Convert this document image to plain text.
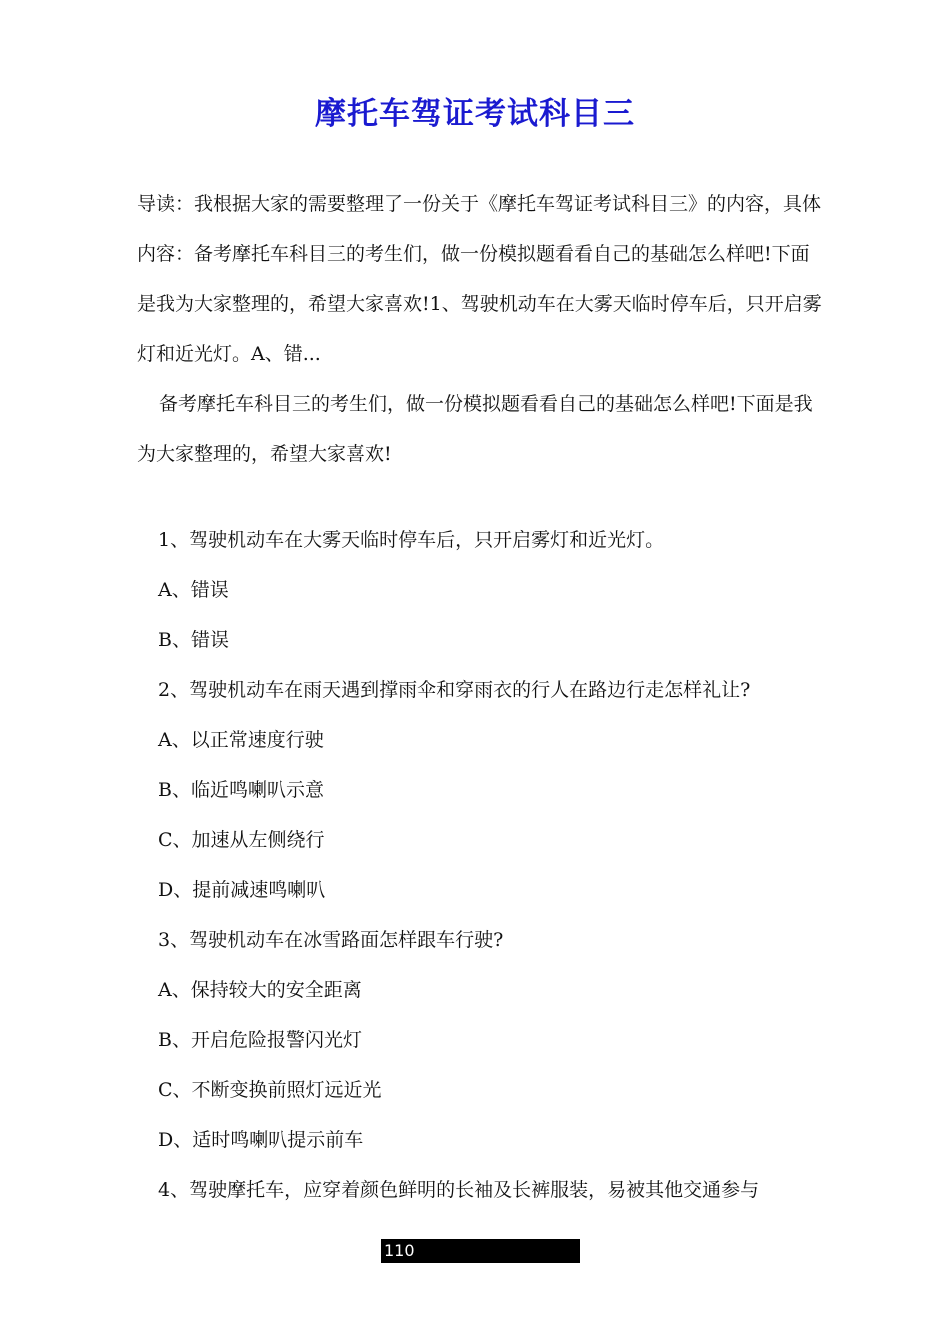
摩托车驾证考试科目三

导读：我根据大家的需要整理了一份关于《摩托车驾证考试科目三》的内容，具体内容：备考摩托车科目三的考生们，做一份模拟题看看自己的基础怎么样吧!下面是我为大家整理的，希望大家喜欢!1、驾驶机动车在大雾天临时停车后，只开启雾灯和近光灯。A、错...

备考摩托车科目三的考生们，做一份模拟题看看自己的基础怎么样吧!下面是我为大家整理的，希望大家喜欢!

1、驾驶机动车在大雾天临时停车后，只开启雾灯和近光灯。
A、错误
B、错误
2、驾驶机动车在雨天遇到撑雨伞和穿雨衣的行人在路边行走怎样礼让?
A、以正常速度行驶
B、临近鸣喇叭示意
C、加速从左侧绕行
D、提前减速鸣喇叭
3、驾驶机动车在冰雪路面怎样跟车行驶?
A、保持较大的安全距离
B、开启危险报警闪光灯
C、不断变换前照灯远近光
D、适时鸣喇叭提示前车
4、驾驶摩托车，应穿着颜色鲜明的长袖及长裤服装，易被其他交通参与
110
